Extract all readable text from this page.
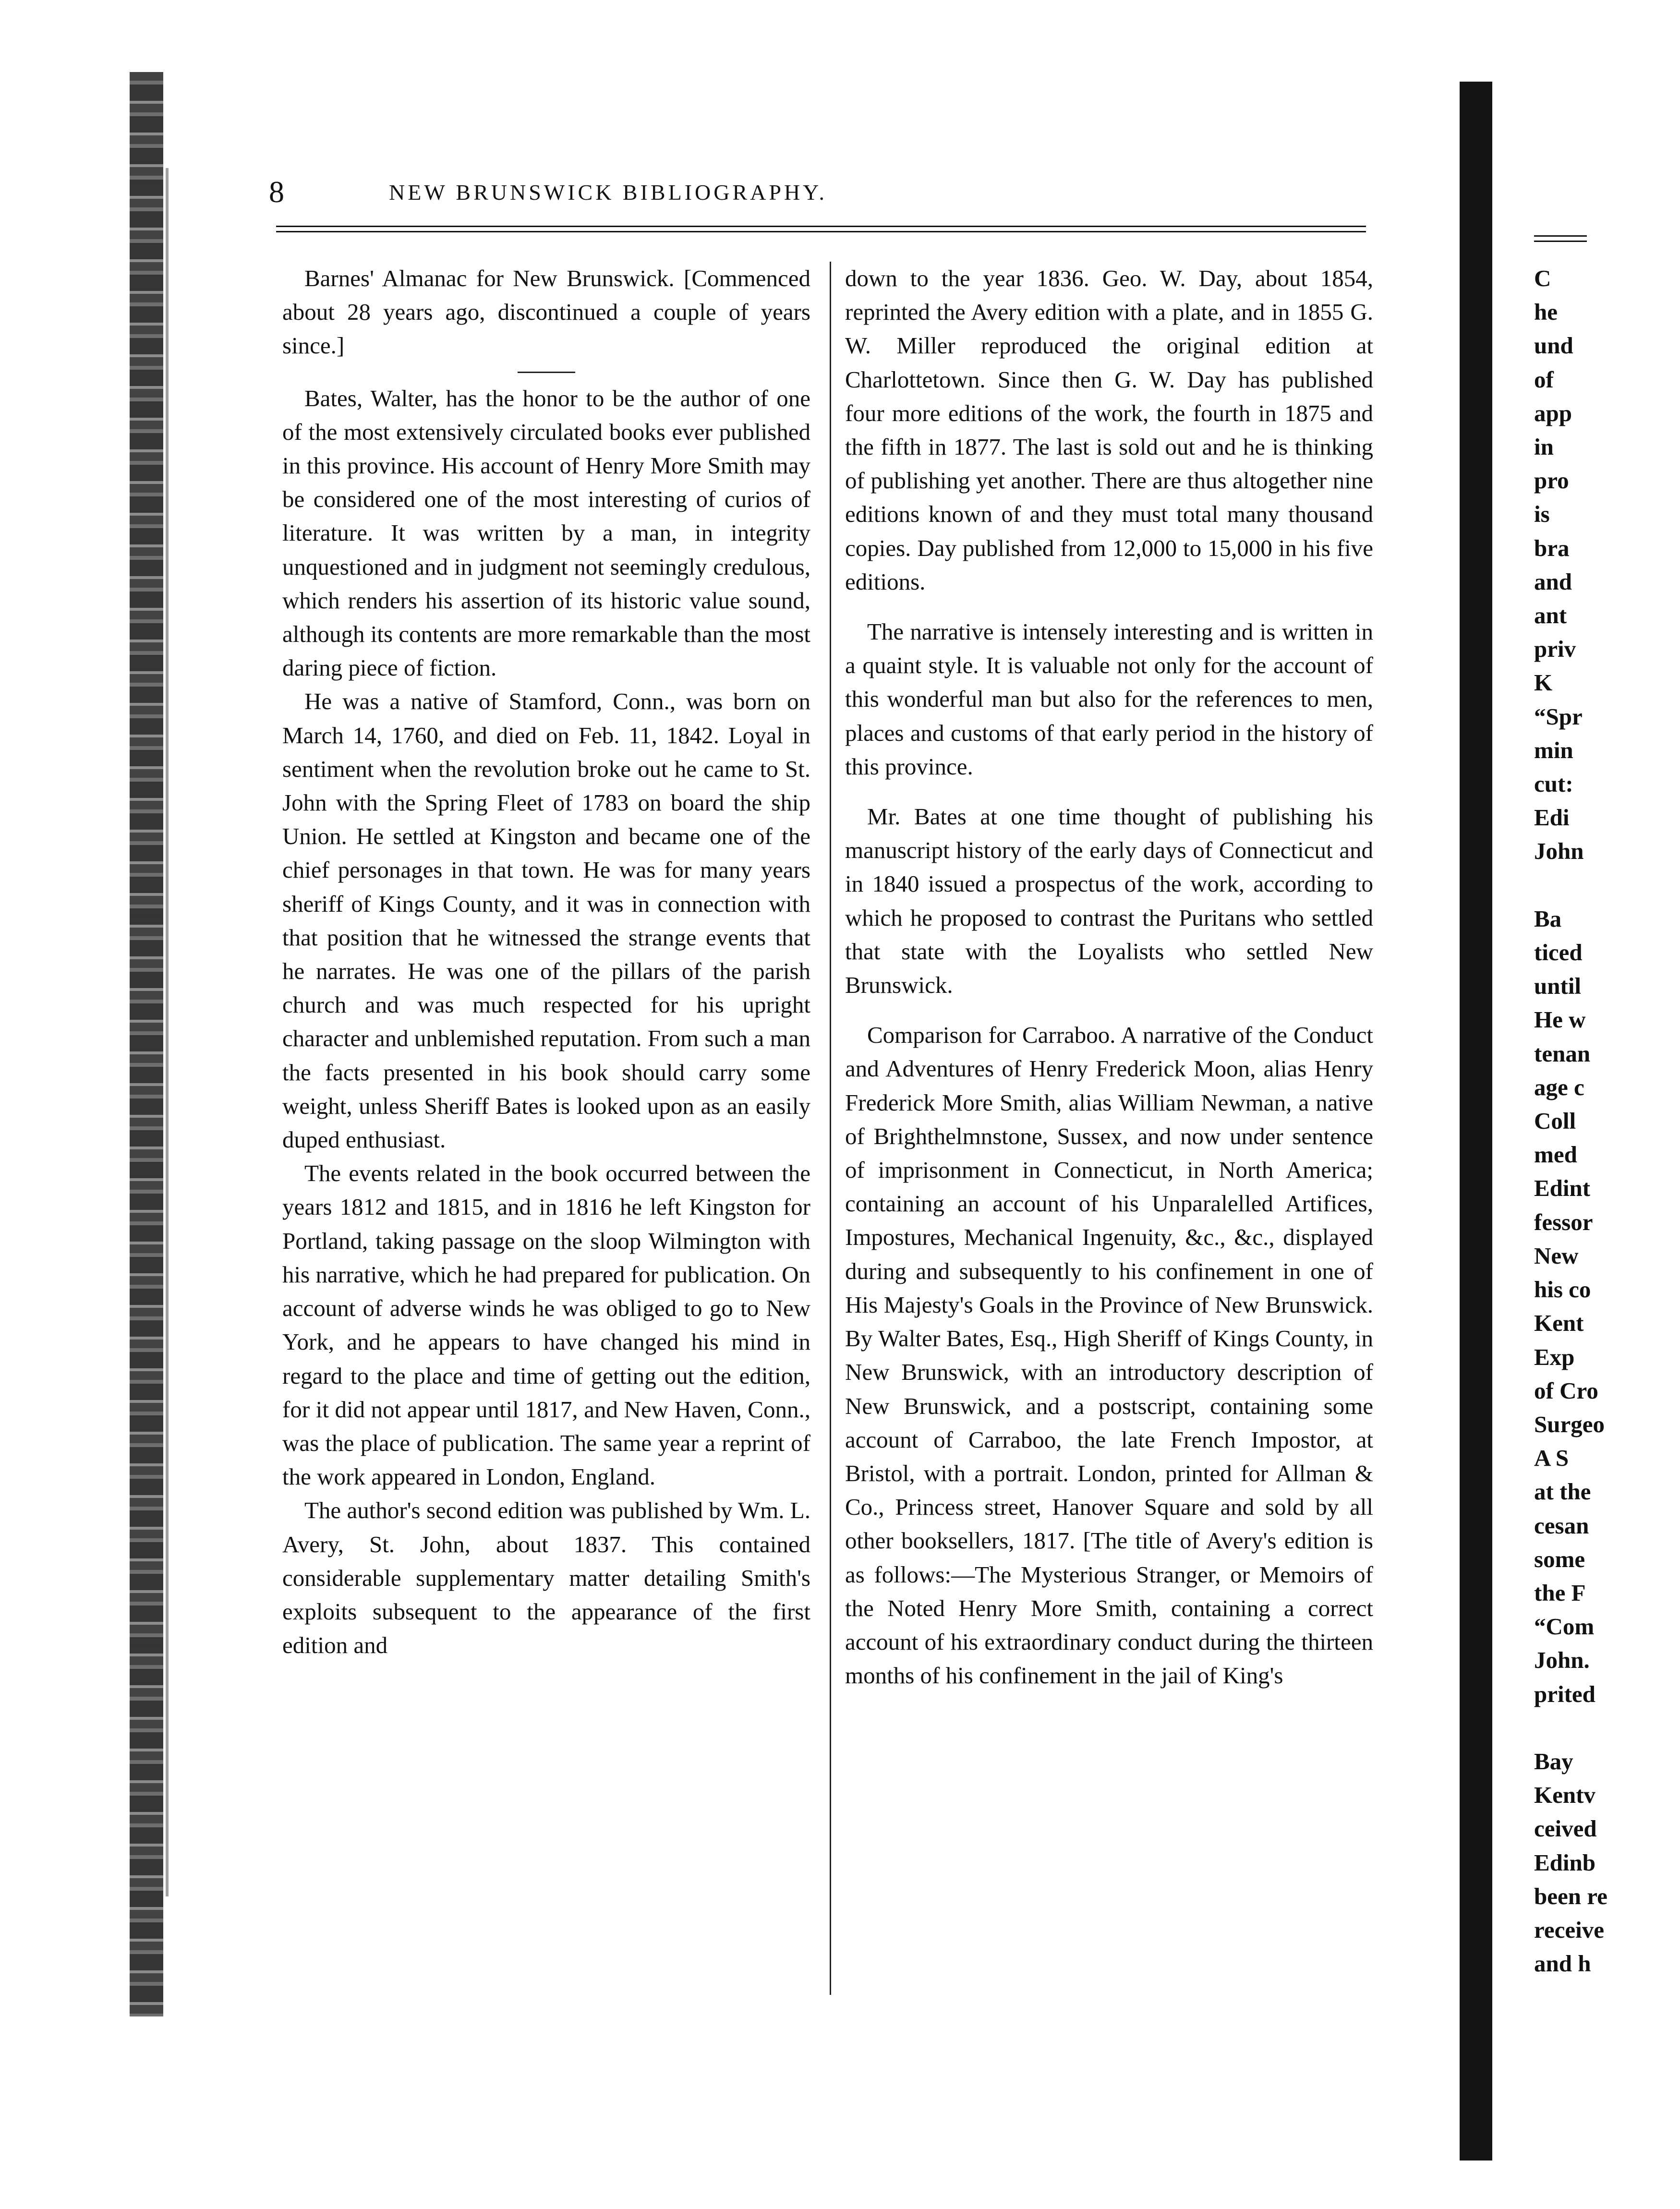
8	NEW BRUNSWICK BIBLIOGRAPHY.

Barnes' Almanac for New Brunswick. [Commenced about 28 years ago, discontinued a couple of years since.]

Bates, Walter, has the honor to be the author of one of the most extensively circulated books ever published in this province. His account of Henry More Smith may be considered one of the most interesting of curios of literature. It was written by a man, in integrity unquestioned and in judgment not seemingly credulous, which renders his assertion of its historic value sound, although its contents are more remarkable than the most daring piece of fiction.

He was a native of Stamford, Conn., was born on March 14, 1760, and died on Feb. 11, 1842. Loyal in sentiment when the revolution broke out he came to St. John with the Spring Fleet of 1783 on board the ship Union. He settled at Kingston and became one of the chief personages in that town. He was for many years sheriff of Kings County, and it was in connection with that position that he witnessed the strange events that he narrates. He was one of the pillars of the parish church and was much respected for his upright character and unblemished reputation. From such a man the facts presented in his book should carry some weight, unless Sheriff Bates is looked upon as an easily duped enthusiast.

The events related in the book occurred between the years 1812 and 1815, and in 1816 he left Kingston for Portland, taking passage on the sloop Wilmington with his narrative, which he had prepared for publication. On account of adverse winds he was obliged to go to New York, and he appears to have changed his mind in regard to the place and time of getting out the edition, for it did not appear until 1817, and New Haven, Conn., was the place of publication. The same year a reprint of the work appeared in London, England.

The author's second edition was published by Wm. L. Avery, St. John, about 1837. This contained considerable supplementary matter detailing Smith's exploits subsequent to the appearance of the first edition and

down to the year 1836. Geo. W. Day, about 1854, reprinted the Avery edition with a plate, and in 1855 G. W. Miller reproduced the original edition at Charlottetown. Since then G. W. Day has published four more editions of the work, the fourth in 1875 and the fifth in 1877. The last is sold out and he is thinking of publishing yet another. There are thus altogether nine editions known of and they must total many thousand copies. Day published from 12,000 to 15,000 in his five editions.

The narrative is intensely interesting and is written in a quaint style. It is valuable not only for the account of this wonderful man but also for the references to men, places and customs of that early period in the history of this province.

Mr. Bates at one time thought of publishing his manuscript history of the early days of Connecticut and in 1840 issued a prospectus of the work, according to which he proposed to contrast the Puritans who settled that state with the Loyalists who settled New Brunswick.

Comparison for Carraboo. A narrative of the Conduct and Adventures of Henry Frederick Moon, alias Henry Frederick More Smith, alias William Newman, a native of Brighthelmnstone, Sussex, and now under sentence of imprisonment in Connecticut, in North America; containing an account of his Unparalelled Artifices, Impostures, Mechanical Ingenuity, &c., &c., displayed during and subsequently to his confinement in one of His Majesty's Goals in the Province of New Brunswick. By Walter Bates, Esq., High Sheriff of Kings County, in New Brunswick, with an introductory description of New Brunswick, and a postscript, containing some account of Carraboo, the late French Impostor, at Bristol, with a portrait. London, printed for Allman & Co., Princess street, Hanover Square and sold by all other booksellers, 1817. [The title of Avery's edition is as follows:—The Mysterious Stranger, or Memoirs of the Noted Henry More Smith, containing a correct account of his extraordinary conduct during the thirteen months of his confinement in the jail of King's

C
he
und
of
app
in
pro
is
bra
and
ant
priv
K
“Spr
min
cut:
Edi
John

Ba
ticed
until
He w
tenan
age c
Coll
med
Edint
fessor
New
his co
Kent
Exp
of Cro
Surgeo
A S
at the
cesan
some
the F
“Com
John.
prited

Bay
Kentv
ceived
Edinb
been re
receive
and h
